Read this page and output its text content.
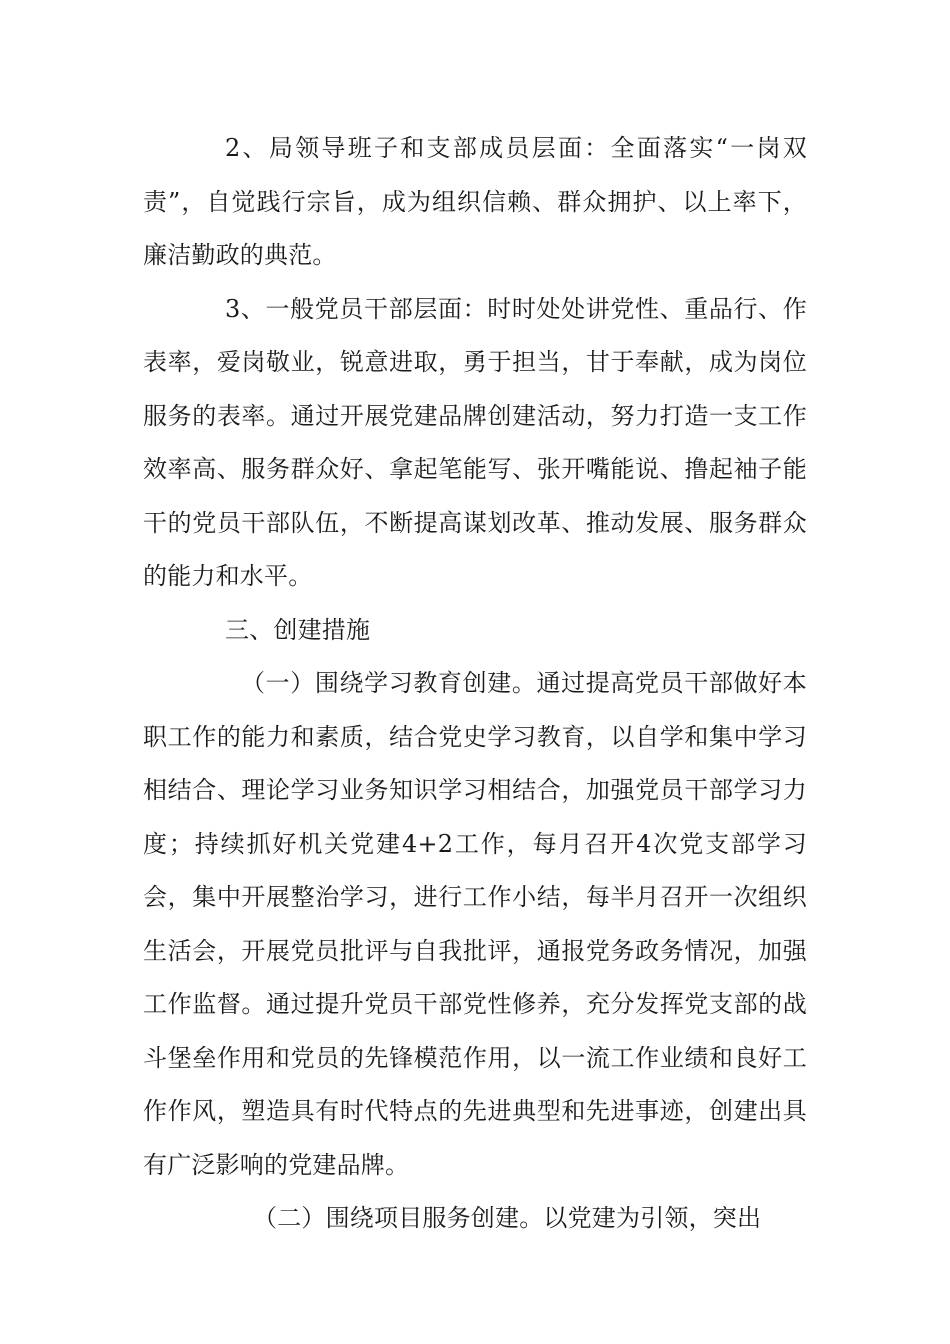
2、局领导班子和支部成员层面：全面落实“一岗双责”，自觉践行宗旨，成为组织信赖、群众拥护、以上率下，廉洁勤政的典范。

3、一般党员干部层面：时时处处讲党性、重品行、作表率，爱岗敬业，锐意进取，勇于担当，甘于奉献，成为岗位服务的表率。通过开展党建品牌创建活动，努力打造一支工作效率高、服务群众好、拿起笔能写、张开嘴能说、撸起袖子能干的党员干部队伍，不断提高谋划改革、推动发展、服务群众的能力和水平。

三、创建措施

（一）围绕学习教育创建。通过提高党员干部做好本职工作的能力和素质，结合党史学习教育，以自学和集中学习相结合、理论学习业务知识学习相结合，加强党员干部学习力度；持续抓好机关党建4+2工作，每月召开4次党支部学习会，集中开展整治学习，进行工作小结，每半月召开一次组织生活会，开展党员批评与自我批评，通报党务政务情况，加强工作监督。通过提升党员干部党性修养，充分发挥党支部的战斗堡垒作用和党员的先锋模范作用，以一流工作业绩和良好工作作风，塑造具有时代特点的先进典型和先进事迹，创建出具有广泛影响的党建品牌。

（二）围绕项目服务创建。以党建为引领，突出
